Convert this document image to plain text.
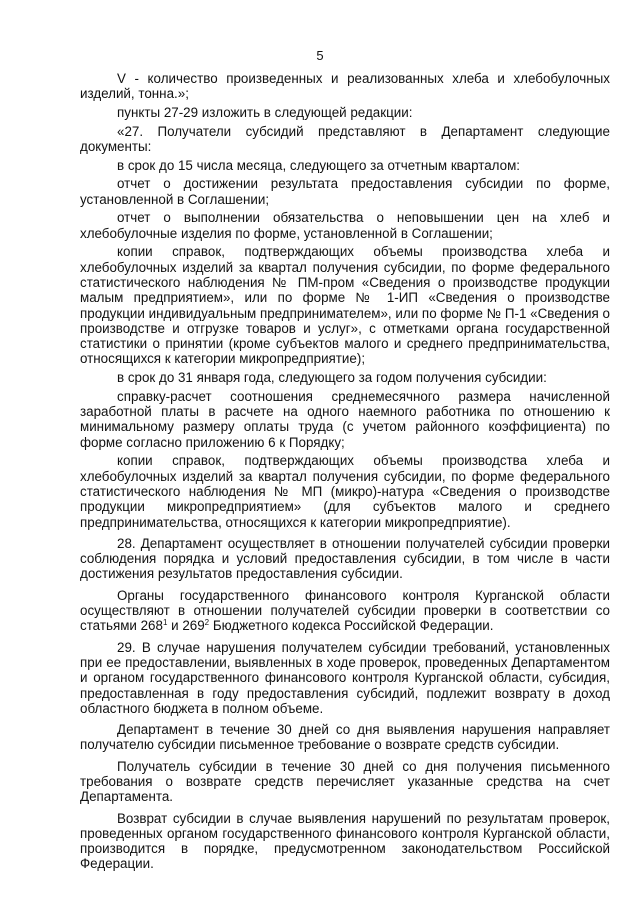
5

V - количество произведенных и реализованных хлеба и хлебобулочных изделий, тонна.»;

пункты 27-29 изложить в следующей редакции:

«27. Получатели субсидий представляют в Департамент следующие документы:

в срок до 15 числа месяца, следующего за отчетным кварталом:

отчет о достижении результата предоставления субсидии по форме, установленной в Соглашении;

отчет о выполнении обязательства о неповышении цен на хлеб и хлебобулочные изделия по форме, установленной в Соглашении;

копии справок, подтверждающих объемы производства хлеба и хлебобулочных изделий за квартал получения субсидии, по форме федерального статистического наблюдения № ПМ-пром «Сведения о производстве продукции малым предприятием», или по форме № 1-ИП «Сведения о производстве продукции индивидуальным предпринимателем», или по форме № П-1 «Сведения о производстве и отгрузке товаров и услуг», с отметками органа государственной статистики о принятии (кроме субъектов малого и среднего предпринимательства, относящихся к категории микропредприятие);

в срок до 31 января года, следующего за годом получения субсидии:

справку-расчет соотношения среднемесячного размера начисленной заработной платы в расчете на одного наемного работника по отношению к минимальному размеру оплаты труда (с учетом районного коэффициента) по форме согласно приложению 6 к Порядку;

копии справок, подтверждающих объемы производства хлеба и хлебобулочных изделий за квартал получения субсидии, по форме федерального статистического наблюдения № МП (микро)-натура «Сведения о производстве продукции микропредприятием» (для субъектов малого и среднего предпринимательства, относящихся к категории микропредприятие).

28. Департамент осуществляет в отношении получателей субсидии проверки соблюдения порядка и условий предоставления субсидии, в том числе в части достижения результатов предоставления субсидии.

Органы государственного финансового контроля Курганской области осуществляют в отношении получателей субсидии проверки в соответствии со статьями $268^1$ и $269^2$ Бюджетного кодекса Российской Федерации.

29. В случае нарушения получателем субсидии требований, установленных при ее предоставлении, выявленных в ходе проверок, проведенных Департаментом и органом государственного финансового контроля Курганской области, субсидия, предоставленная в году предоставления субсидий, подлежит возврату в доход областного бюджета в полном объеме.

Департамент в течение 30 дней со дня выявления нарушения направляет получателю субсидии письменное требование о возврате средств субсидии.

Получатель субсидии в течение 30 дней со дня получения письменного требования о возврате средств перечисляет указанные средства на счет Департамента.

Возврат субсидии в случае выявления нарушений по результатам проверок, проведенных органом государственного финансового контроля Курганской области, производится в порядке, предусмотренном законодательством Российской Федерации.
